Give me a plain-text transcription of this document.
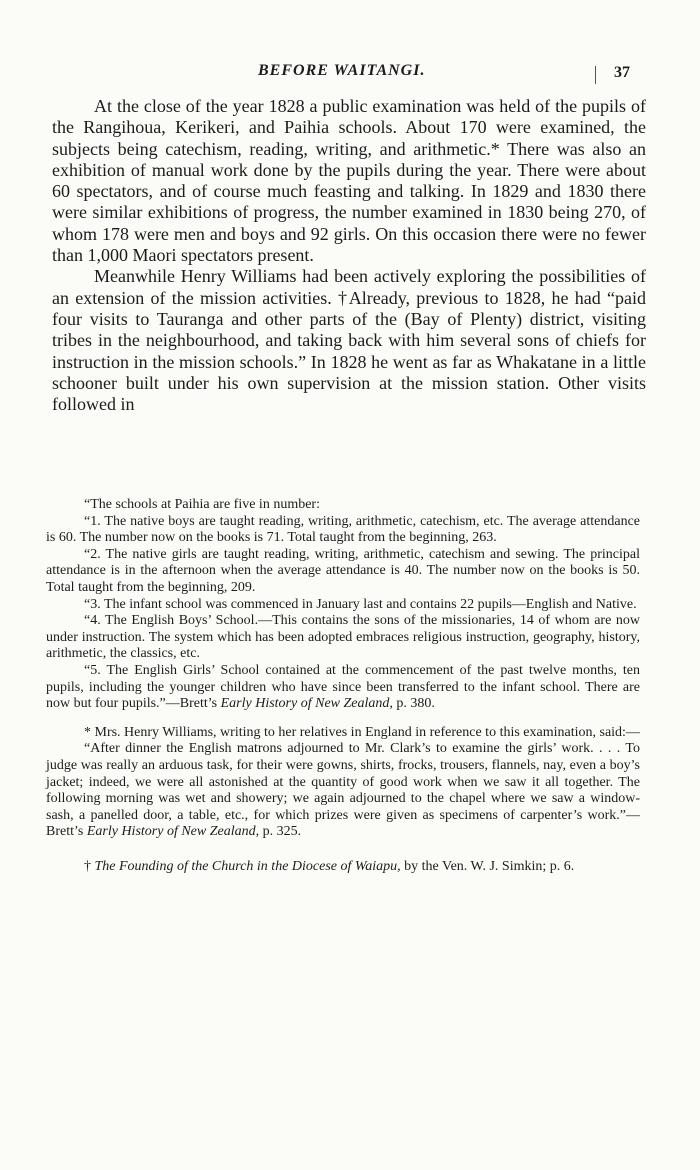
BEFORE WAITANGI.	37

At the close of the year 1828 a public examination was held of the pupils of the Rangihoua, Kerikeri, and Paihia schools. About 170 were examined, the subjects being catechism, reading, writing, and arithmetic.* There was also an exhibition of manual work done by the pupils during the year. There were about 60 spectators, and of course much feasting and talking. In 1829 and 1830 there were similar exhibitions of progress, the number examined in 1830 being 270, of whom 178 were men and boys and 92 girls. On this occasion there were no fewer than 1,000 Maori spectators present.

Meanwhile Henry Williams had been actively exploring the possibilities of an extension of the mission activities. †Already, previous to 1828, he had “paid four visits to Tauranga and other parts of the (Bay of Plenty) district, visiting tribes in the neighbourhood, and taking back with him several sons of chiefs for instruction in the mission schools.” In 1828 he went as far as Whakatane in a little schooner built under his own supervision at the mission station. Other visits followed in

“The schools at Paihia are five in number:

“1. The native boys are taught reading, writing, arithmetic, catechism, etc. The average attendance is 60. The number now on the books is 71. Total taught from the beginning, 263.

“2. The native girls are taught reading, writing, arithmetic, catechism and sewing. The principal attendance is in the afternoon when the average attendance is 40. The number now on the books is 50. Total taught from the beginning, 209.

“3. The infant school was commenced in January last and contains 22 pupils—English and Native.

“4. The English Boys’ School.—This contains the sons of the missionaries, 14 of whom are now under instruction. The system which has been adopted embraces religious instruction, geography, history, arithmetic, the classics, etc.

“5. The English Girls’ School contained at the commencement of the past twelve months, ten pupils, including the younger children who have since been transferred to the infant school. There are now but four pupils.”—Brett’s Early History of New Zealand, p. 380.

* Mrs. Henry Williams, writing to her relatives in England in reference to this examination, said:—

“After dinner the English matrons adjourned to Mr. Clark’s to examine the girls’ work. . . . To judge was really an arduous task, for their were gowns, shirts, frocks, trousers, flannels, nay, even a boy’s jacket; indeed, we were all astonished at the quantity of good work when we saw it all together. The following morning was wet and showery; we again adjourned to the chapel where we saw a window-sash, a panelled door, a table, etc., for which prizes were given as specimens of carpenter’s work.”—Brett’s Early History of New Zealand, p. 325.

† The Founding of the Church in the Diocese of Waiapu, by the Ven. W. J. Simkin; p. 6.
